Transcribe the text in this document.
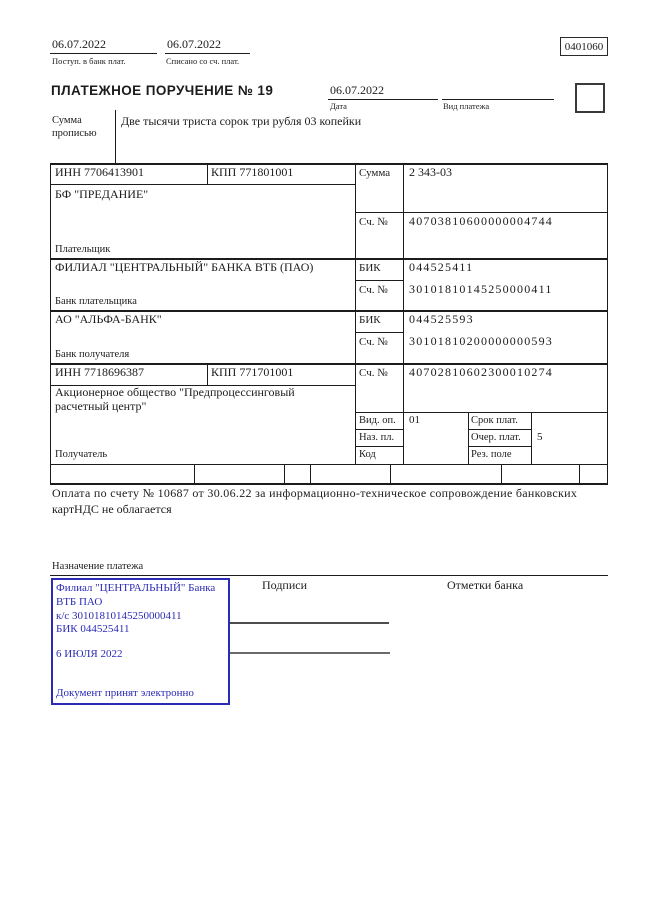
06.07.2022
Поступ. в банк плат.
06.07.2022
Списано со сч. плат.
0401060
ПЛАТЕЖНОЕ ПОРУЧЕНИЕ № 19	06.07.2022
Дата	Вид платежа
Сумма
прописью
Две тысячи триста сорок три рубля 03 копейки
ИНН 7706413901	КПП 771801001	Сумма 2 343-03
БФ "ПРЕДАНИЕ"
Сч. № 40703810600000004744
Плательщик
ФИЛИАЛ "ЦЕНТРАЛЬНЫЙ" БАНКА ВТБ (ПАО)	БИК 044525411
Сч. № 30101810145250000411
Банк плательщика
АО "АЛЬФА-БАНК"	БИК 044525593
Сч. № 30101810200000000593
Банк получателя
ИНН 7718696387	КПП 771701001	Сч. № 40702810602300010274
Акционерное общество "Предпроцессинговый
расчетный центр"
Получатель
Вид. оп. 01	Срок плат.
Наз. пл.	Очер. плат. 5
Код	Рез. поле
Оплата по счету № 10687 от 30.06.22 за информационно-техническое сопровождение банковских
картНДС не облагается
Назначение платежа
Подписи	Отметки банка
Филиал "ЦЕНТРАЛЬНЫЙ" Банка
ВТБ ПАО
к/с 30101810145250000411
БИК 044525411
6 ИЮЛЯ 2022
Документ принят электронно
